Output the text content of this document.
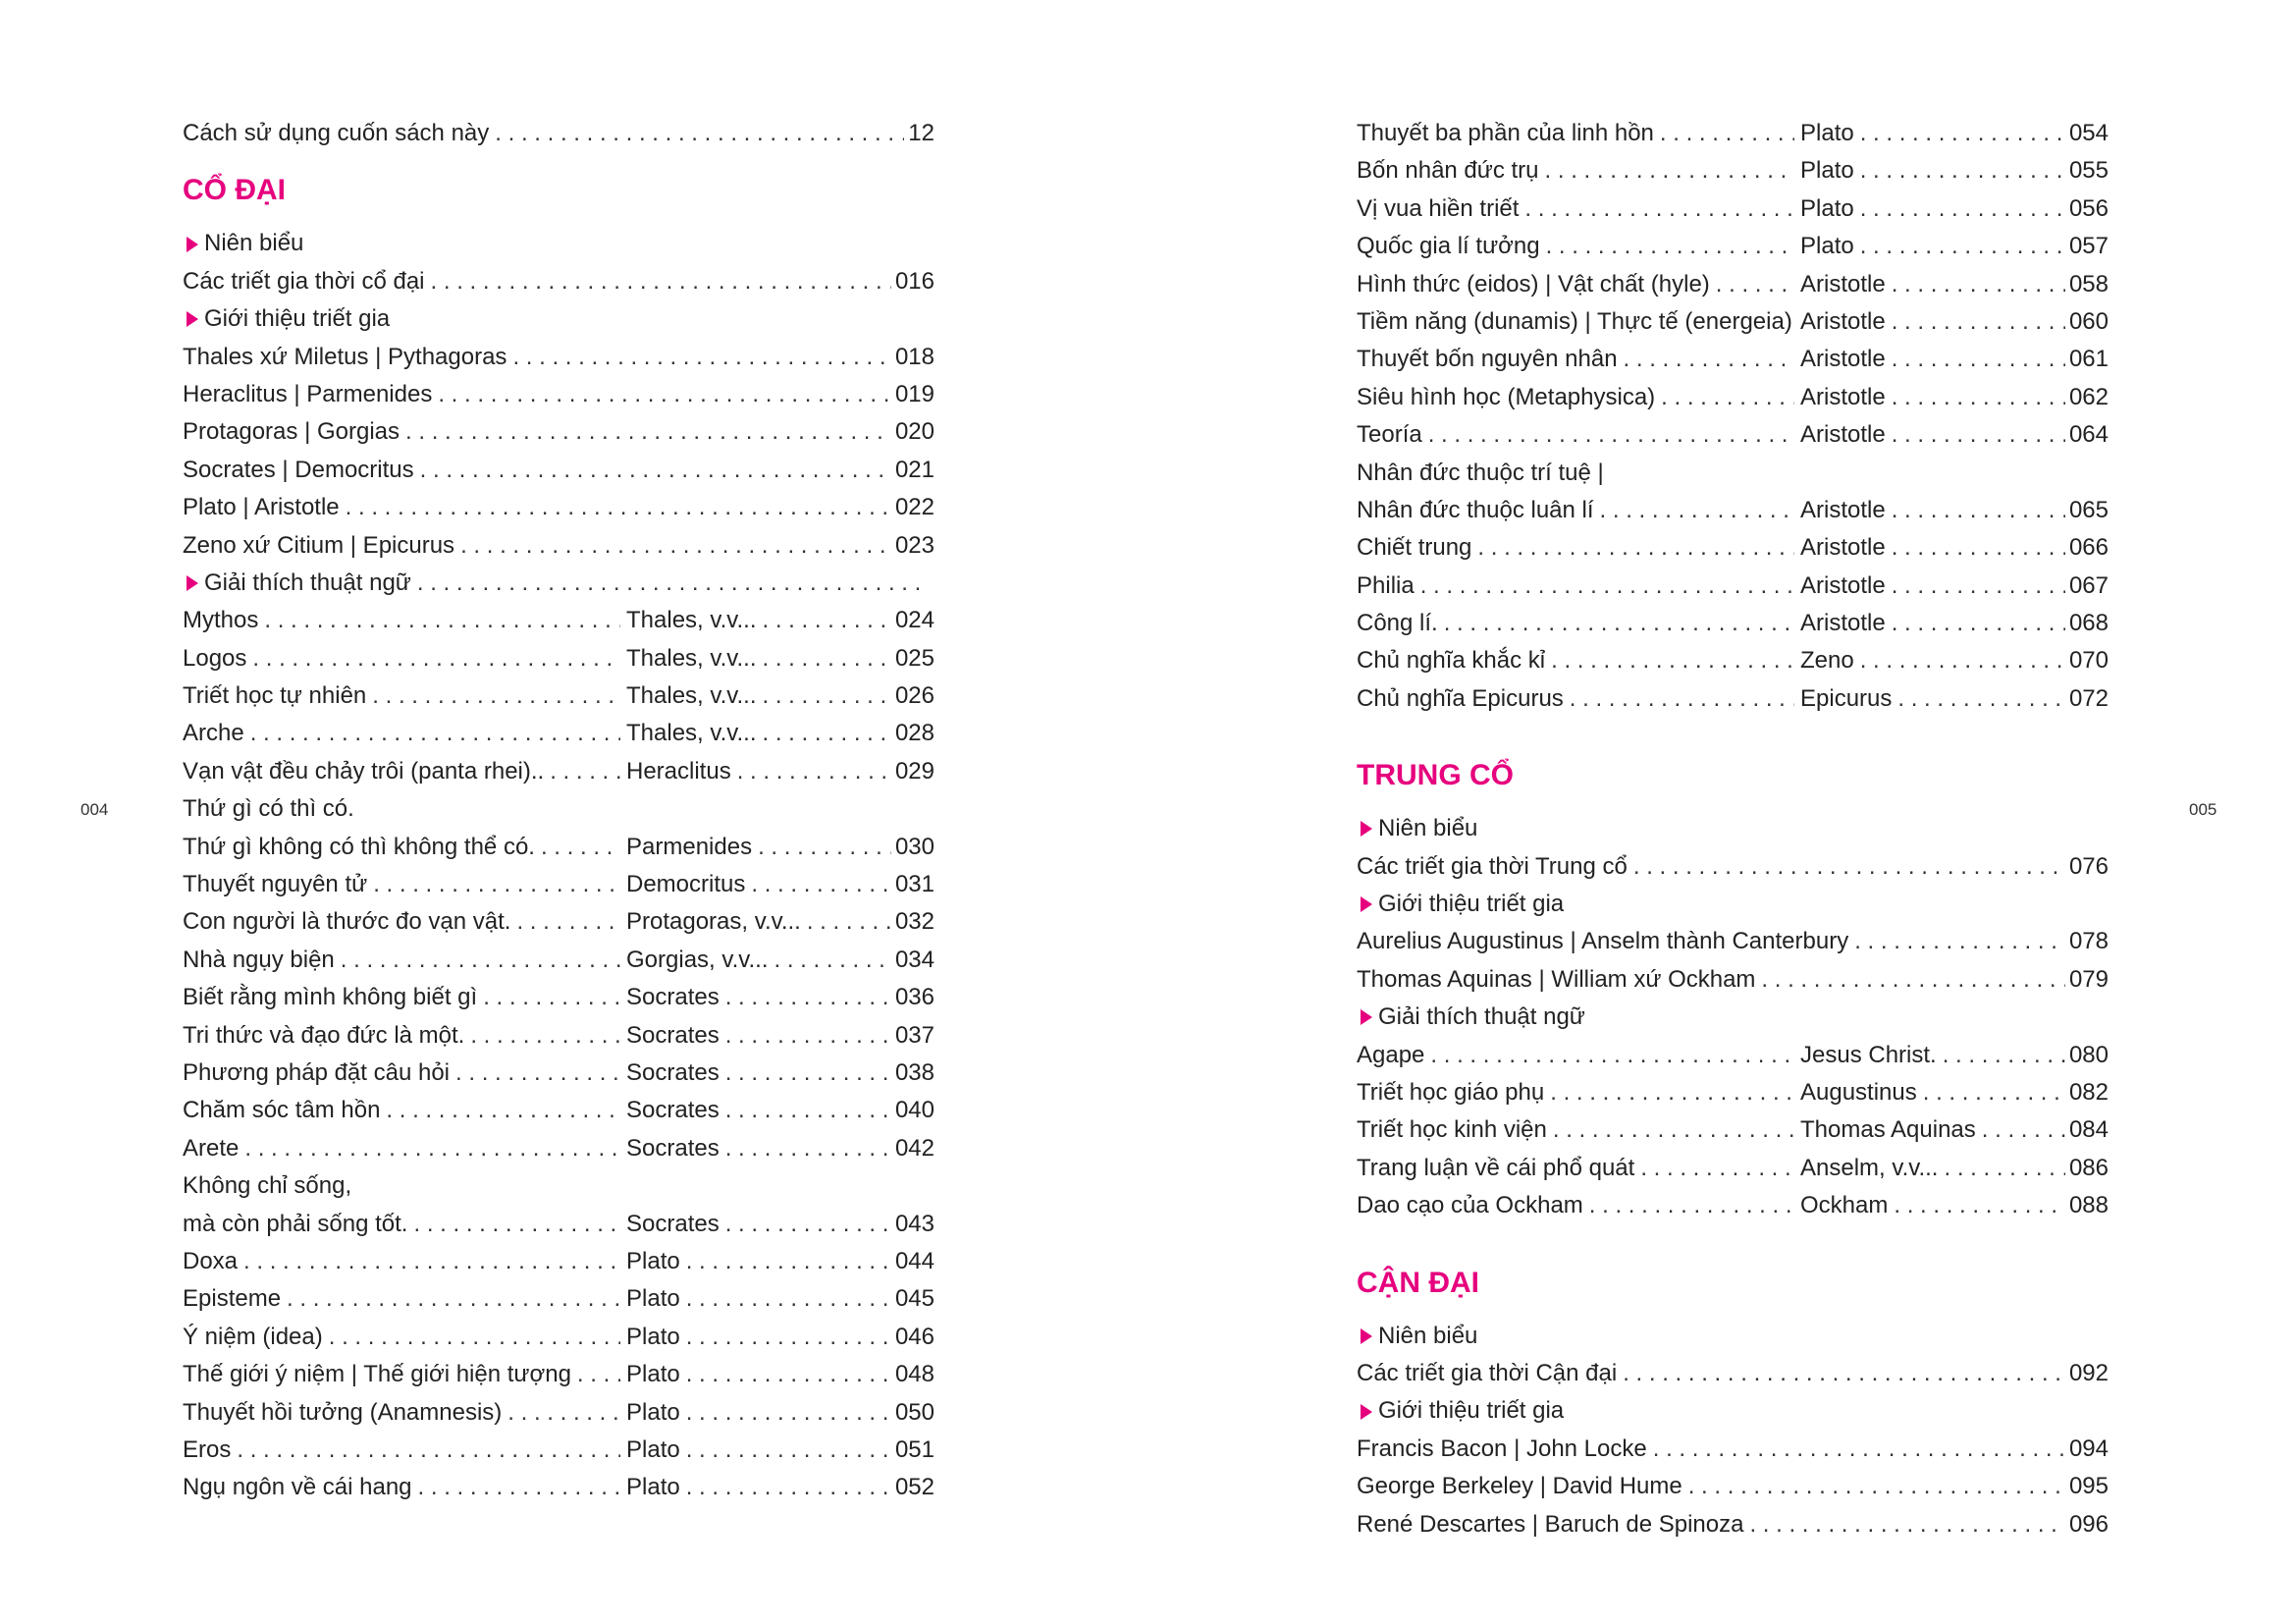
004	005
Cách sử dụng cuốn sách này . . .	12
CỔ ĐẠI
Niên biểu
Các triết gia thời cổ đại . . .	016
Giới thiệu triết gia
Thales xứ Miletus | Pythagoras . . .	018
Heraclitus | Parmenides . . .	019
Protagoras | Gorgias . . .	020
Socrates | Democritus . . .	021
Plato | Aristotle . . .	022
Zeno xứ Citium | Epicurus . . .	023
Giải thích thuật ngữ
. . .
Mythos . . .	Thales, v.v... . . .	024
Logos . . .	Thales, v.v... . . .	025
Triết học tự nhiên . . .	Thales, v.v... . . .	026
Arche . . .	Thales, v.v... . . .	028
Vạn vật đều chảy trôi (panta rhei).. . . .	Heraclitus . . .	029
Thứ gì có thì có.
Thứ gì không có thì không thể có. . . .	Parmenides . . .	030
Thuyết nguyên tử . . .	Democritus . . .	031
Con người là thước đo vạn vật. . . .	Protagoras, v.v... . . .	032
Nhà ngụy biện . . .	Gorgias, v.v... . . .	034
Biết rằng mình không biết gì . . .	Socrates . . .	036
Tri thức và đạo đức là một. . . .	Socrates . . .	037
Phương pháp đặt câu hỏi . . .	Socrates . . .	038
Chăm sóc tâm hồn . . .	Socrates . . .	040
Arete . . .	Socrates . . .	042
Không chỉ sống,
mà còn phải sống tốt. . . .	Socrates . . .	043
Doxa . . .	Plato . . .	044
Episteme . . .	Plato . . .	045
Ý niệm (idea) . . .	Plato . . .	046
Thế giới ý niệm | Thế giới hiện tượng . . . Plato . . .	048
Thuyết hồi tưởng (Anamnesis) . . .	Plato . . .	050
Eros . . .	Plato . . .	051
Ngụ ngôn về cái hang . . .	Plato . . .	052
Thuyết ba phần của linh hồn . . .	Plato . . .	054
Bốn nhân đức trụ . . .	Plato . . .	055
Vị vua hiền triết . . .	Plato . . .	056
Quốc gia lí tưởng . . .	Plato . . .	057
Hình thức (eidos) | Vật chất (hyle) . . .	Aristotle . . .	058
Tiềm năng (dunamis) | Thực tế (energeia) . . . Aristotle . . .	060
Thuyết bốn nguyên nhân . . .	Aristotle . . .	061
Siêu hình học (Metaphysica) . . .	Aristotle . . .	062
Teoría . . .	Aristotle . . .	064
Nhân đức thuộc trí tuệ |
Nhân đức thuộc luân lí . . .	Aristotle . . .	065
Chiết trung . . .	Aristotle . . .	066
Philia . . .	Aristotle . . .	067
Công lí. . . .	Aristotle . . .	068
Chủ nghĩa khắc kỉ . . .	Zeno . . .	070
Chủ nghĩa Epicurus . . .	Epicurus . . .	072
TRUNG CỔ
Niên biểu
Các triết gia thời Trung cổ . . .	076
Giới thiệu triết gia
Aurelius Augustinus | Anselm thành Canterbury . . .	078
Thomas Aquinas | William xứ Ockham . . .	079
Giải thích thuật ngữ
Agape . . .	Jesus Christ. . . .	080
Triết học giáo phụ . . .	Augustinus . . .	082
Triết học kinh viện . . .	Thomas Aquinas . . .	084
Trang luận về cái phổ quát . . .	Anselm, v.v... . . .	086
Dao cạo của Ockham . . .	Ockham . . .	088
CẬN ĐẠI
Niên biểu
Các triết gia thời Cận đại . . .	092
Giới thiệu triết gia
Francis Bacon | John Locke . . .	094
George Berkeley | David Hume . . .	095
René Descartes | Baruch de Spinoza . . .	096
